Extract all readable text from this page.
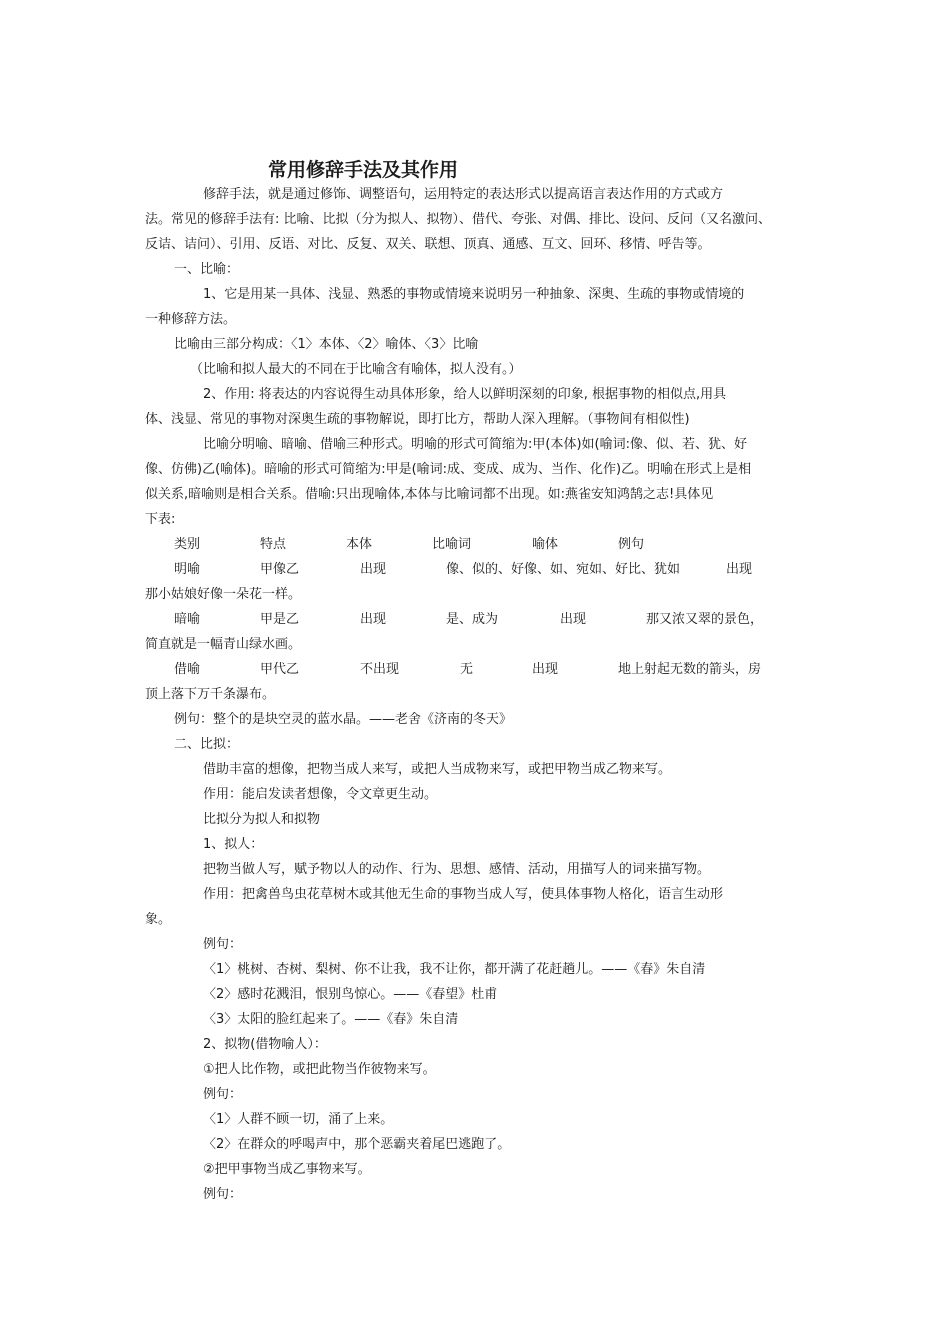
常用修辞手法及其作用
修辞手法，就是通过修饰、调整语句，运用特定的表达形式以提高语言表达作用的方式或方
法。常见的修辞手法有: 比喻、比拟（分为拟人、拟物）、借代、夸张、对偶、排比、设问、反问（又名激问、
反诘、诘问）、引用、反语、对比、反复、双关、联想、顶真、通感、互文、回环、移情、呼告等。
一、比喻：
1、它是用某一具体、浅显、熟悉的事物或情境来说明另一种抽象、深奥、生疏的事物或情境的
一种修辞方法。
比喻由三部分构成：〈1〉本体、〈2〉喻体、〈3〉比喻
（比喻和拟人最大的不同在于比喻含有喻体，拟人没有。）
2、作用: 将表达的内容说得生动具体形象，给人以鲜明深刻的印象, 根据事物的相似点,用具
体、浅显、常见的事物对深奥生疏的事物解说，即打比方，帮助人深入理解。（事物间有相似性)
比喻分明喻、暗喻、借喻三种形式。明喻的形式可简缩为:甲(本体)如(喻词:像、似、若、犹、好
像、仿佛)乙(喻体)。暗喻的形式可简缩为:甲是(喻词:成、变成、成为、当作、化作)乙。明喻在形式上是相
似关系,暗喻则是相合关系。借喻:只出现喻体,本体与比喻词都不出现。如:燕雀安知鸿鹄之志!具体见
下表:
类别	特点	本体	比喻词	喻体	例句
明喻	甲像乙	出现	像、似的、好像、如、宛如、好比、犹如	出现
那小姑娘好像一朵花一样。
暗喻	甲是乙	出现	是、成为	出现	那又浓又翠的景色，
简直就是一幅青山绿水画。
借喻	甲代乙	不出现	无	出现	地上射起无数的箭头，房
顶上落下万千条瀑布。
例句：整个的是块空灵的蓝水晶。——老舍《济南的冬天》
二、比拟：
借助丰富的想像，把物当成人来写，或把人当成物来写，或把甲物当成乙物来写。
作用：能启发读者想像，令文章更生动。
比拟分为拟人和拟物
1、拟人：
把物当做人写，赋予物以人的动作、行为、思想、感情、活动，用描写人的词来描写物。
作用：把禽兽鸟虫花草树木或其他无生命的事物当成人写，使具体事物人格化，语言生动形
象。
例句：
〈1〉桃树、杏树、梨树、你不让我，我不让你，都开满了花赶趟儿。——《春》朱自清
〈2〉感时花溅泪，恨别鸟惊心。——《春望》杜甫
〈3〉太阳的脸红起来了。——《春》朱自清
2、拟物(借物喻人）：
①把人比作物，或把此物当作彼物来写。
例句：
〈1〉人群不顾一切，涌了上来。
〈2〉在群众的呼喝声中，那个恶霸夹着尾巴逃跑了。
②把甲事物当成乙事物来写。
例句：
